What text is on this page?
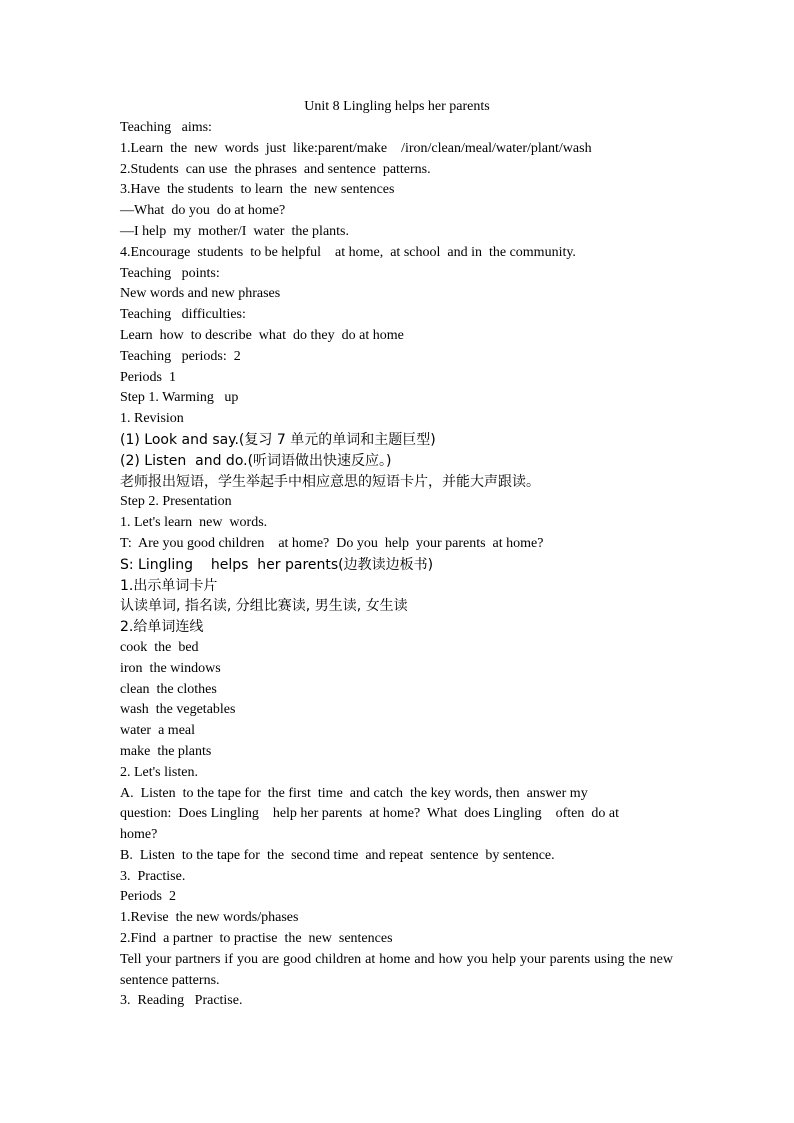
Unit 8 Lingling helps her parents
Teaching   aims:
1.Learn  the  new  words  just  like:parent/make    /iron/clean/meal/water/plant/wash
2.Students  can use  the phrases  and sentence  patterns.
3.Have  the students  to learn  the  new sentences
—What  do you  do at home?
—I help  my  mother/I  water  the plants.
4.Encourage  students  to be helpful    at home,  at school  and in  the community.
Teaching   points:
New words and new phrases
Teaching   difficulties:
Learn  how  to describe  what  do they  do at home
Teaching   periods:  2
Periods  1
Step 1. Warming   up
1. Revision
(1) Look and say.(复习 7 单元的单词和主题巨型)
(2) Listen  and do.(听词语做出快速反应。)
老师报出短语，学生举起手中相应意思的短语卡片，并能大声跟读。
Step 2. Presentation
1. Let's learn  new  words.
T:  Are you good children    at home?  Do you  help  your parents  at home?
S: Lingling    helps  her parents(边教读边板书)
1.出示单词卡片
认读单词, 指名读, 分组比赛读, 男生读, 女生读
2.给单词连线
cook  the  bed
iron  the windows
clean  the clothes
wash  the vegetables
water  a meal
make  the plants
2. Let's listen.
A.  Listen  to the tape for  the first  time  and catch  the key words, then  answer my
question:  Does Lingling    help her parents  at home?  What  does Lingling    often  do at
home?
B.  Listen  to the tape for  the  second time  and repeat  sentence  by sentence.
3.  Practise.
Periods  2
1.Revise  the new words/phases
2.Find  a partner  to practise  the  new  sentences
Tell your partners if you are good children at home and how you help your parents using the new sentence patterns.
3.  Reading   Practise.
